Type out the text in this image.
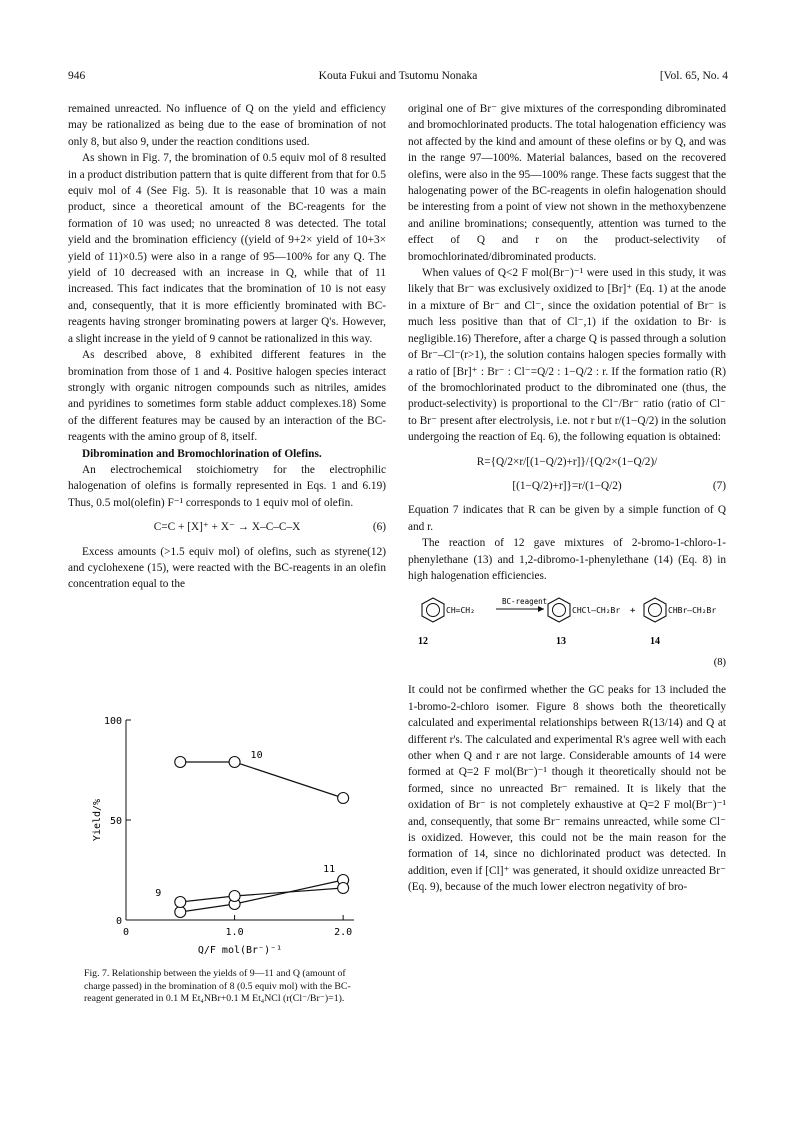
946	Kouta Fukui and Tsutomu Nonaka	[Vol. 65, No. 4

remained unreacted. No influence of Q on the yield and efficiency may be rationalized as being due to the ease of bromination of not only 8, but also 9, under the reaction conditions used.

As shown in Fig. 7, the bromination of 0.5 equiv mol of 8 resulted in a product distribution pattern that is quite different from that for 0.5 equiv mol of 4 (See Fig. 5). It is reasonable that 10 was a main product, since a theoretical amount of the BC-reagents for the formation of 10 was used; no unreacted 8 was detected. The total yield and the bromination efficiency ((yield of 9+2× yield of 10+3× yield of 11)×0.5) were also in a range of 95—100% for any Q. The yield of 10 decreased with an increase in Q, while that of 11 increased. This fact indicates that the bromination of 10 is not easy and, consequently, that it is more efficiently brominated with BC-reagents having stronger brominating powers at larger Q's. However, a slight increase in the yield of 9 cannot be rationalized in this way.

As described above, 8 exhibited different features in the bromination from those of 1 and 4. Positive halogen species interact strongly with organic nitrogen compounds such as nitriles, amides and pyridines to sometimes form stable adduct complexes.18) Some of the different features may be caused by an interaction of the BC-reagents with the amino group of 8, itself.

Dibromination and Bromochlorination of Olefins.

An electrochemical stoichiometry for the electrophilic halogenation of olefins is formally represented in Eqs. 1 and 6.19) Thus, 0.5 mol(olefin) F⁻¹ corresponds to 1 equiv mol of olefin.

C=C + [X]⁺ + X⁻ → X–C–C–X	(6)

Excess amounts (>1.5 equiv mol) of olefins, such as styrene(12) and cyclohexene (15), were reacted with the BC-reagents in an olefin concentration equal to the

0
50
100
0	1.0	2.0
Q/F mol(Br⁻)⁻¹
Yield/%
10
11
9
Fig. 7. Relationship between the yields of 9—11 and Q (amount of charge passed) in the bromination of 8 (0.5 equiv mol) with the BC-reagent generated in 0.1 M Et₄NBr+0.1 M Et₄NCl (r(Cl⁻/Br⁻)=1).

original one of Br⁻ give mixtures of the corresponding dibrominated and bromochlorinated products. The total halogenation efficiency was not affected by the kind and amount of these olefins or by Q, and was in the range 97—100%. Material balances, based on the recovered olefins, were also in the 95—100% range. These facts suggest that the halogenating power of the BC-reagents in olefin halogenation should be interesting from a point of view not shown in the methoxybenzene and aniline brominations; consequently, attention was turned to the effect of Q and r on the product-selectivity of bromochlorinated/dibrominated products.

When values of Q<2 F mol(Br⁻)⁻¹ were used in this study, it was likely that Br⁻ was exclusively oxidized to [Br]⁺ (Eq. 1) at the anode in a mixture of Br⁻ and Cl⁻, since the oxidation potential of Br⁻ is much less positive than that of Cl⁻,1) if the oxidation to Br· is negligible.16) Therefore, after a charge Q is passed through a solution of Br⁻–Cl⁻(r>1), the solution contains halogen species formally with a ratio of [Br]⁺ : Br⁻ : Cl⁻=Q/2 : 1−Q/2 : r. If the formation ratio (R) of the bromochlorinated product to the dibrominated one (thus, the product-selectivity) is proportional to the Cl⁻/Br⁻ ratio (ratio of Cl⁻ to Br⁻ present after electrolysis, i.e. not r but r/(1−Q/2) in the solution undergoing the reaction of Eq. 6), the following equation is obtained:

R={Q/2×r/[(1−Q/2)+r]}/{Q/2×(1−Q/2)/

[(1−Q/2)+r]}=r/(1−Q/2)	(7)

Equation 7 indicates that R can be given by a simple function of Q and r.

The reaction of 12 gave mixtures of 2-bromo-1-chloro-1-phenylethane (13) and 1,2-dibromo-1-phenylethane (14) (Eq. 8) in high halogenation efficiencies.

CH=CH₂
BC-reagent
CHCl–CH₂Br +	CHBr–CH₂Br
12	13	14
(8)

It could not be confirmed whether the GC peaks for 13 included the 1-bromo-2-chloro isomer. Figure 8 shows both the theoretically calculated and experimental relationships between R(13/14) and Q at different r's. The calculated and experimental R's agree well with each other when Q and r are not large. Considerable amounts of 14 were formed at Q=2 F mol(Br⁻)⁻¹ though it theoretically should not be formed, since no unreacted Br⁻ remained. It is likely that the oxidation of Br⁻ is not completely exhaustive at Q=2 F mol(Br⁻)⁻¹ and, consequently, that some Br⁻ remains unreacted, while some Cl⁻ is oxidized. However, this could not be the main reason for the formation of 14, since no dichlorinated product was detected. In addition, even if [Cl]⁺ was generated, it should oxidize unreacted Br⁻ (Eq. 9), because of the much lower electron negativity of bro-
